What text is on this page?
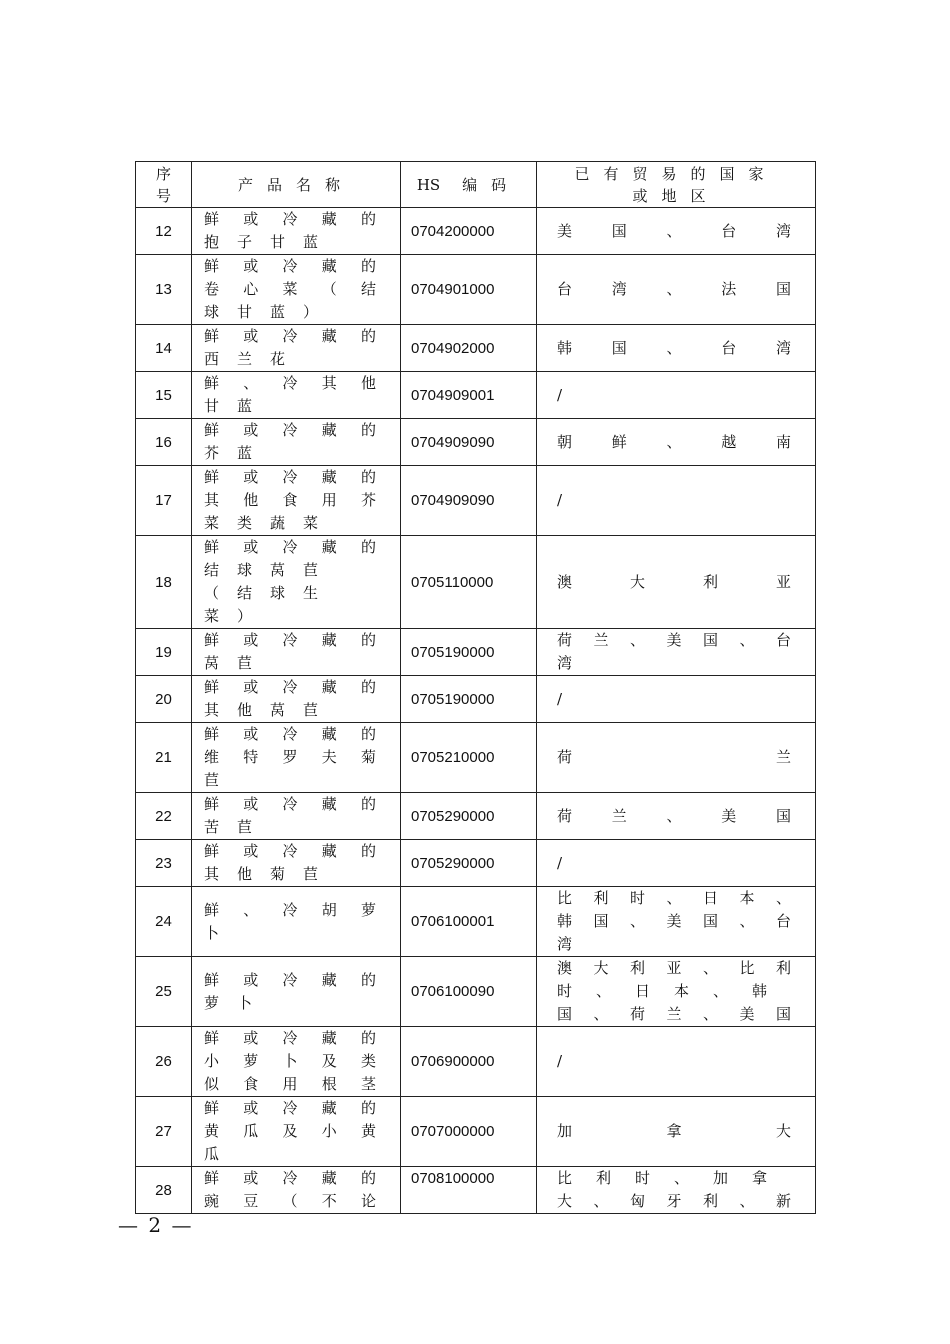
序
号	产品名称	HS 编码	已有贸易的国家
或地区

12	鲜或冷藏的
抱子甘蓝	0704200000	美国、台湾

13	鲜或冷藏的
卷心菜（结
球甘蓝）	0704901000	台湾、法国

14	鲜或冷藏的
西兰花	0704902000	韩国、台湾

15	鲜、冷其他
甘蓝	0704909001	/

16	鲜或冷藏的
芥蓝	0704909090	朝鲜、越南

17	鲜或冷藏的
其他食用芥
菜类蔬菜	0704909090	/

18	鲜或冷藏的
结球莴苣
（结球生
菜）	0705110000	澳大利亚

19	鲜或冷藏的
莴苣	0705190000	荷兰、美国、台
湾

20	鲜或冷藏的
其他莴苣	0705190000	/

21	鲜或冷藏的
维特罗夫菊
苣	0705210000	荷兰

22	鲜或冷藏的
苦苣	0705290000	荷兰、美国

23	鲜或冷藏的
其他菊苣	0705290000	/

24	鲜、冷胡萝
卜	0706100001	比利时、日本、
韩国、美国、台
湾

25	鲜或冷藏的
萝卜	0706100090	澳大利亚、比利
时、日本、韩
国、荷兰、美国

26	鲜或冷藏的
小萝卜及类
似食用根茎	0706900000	/

27	鲜或冷藏的
黄瓜及小黄
瓜	0707000000	加拿大

28	鲜或冷藏的
豌豆（不论	0708100000	比利时、加拿
大、匈牙利、新
— 2 —
